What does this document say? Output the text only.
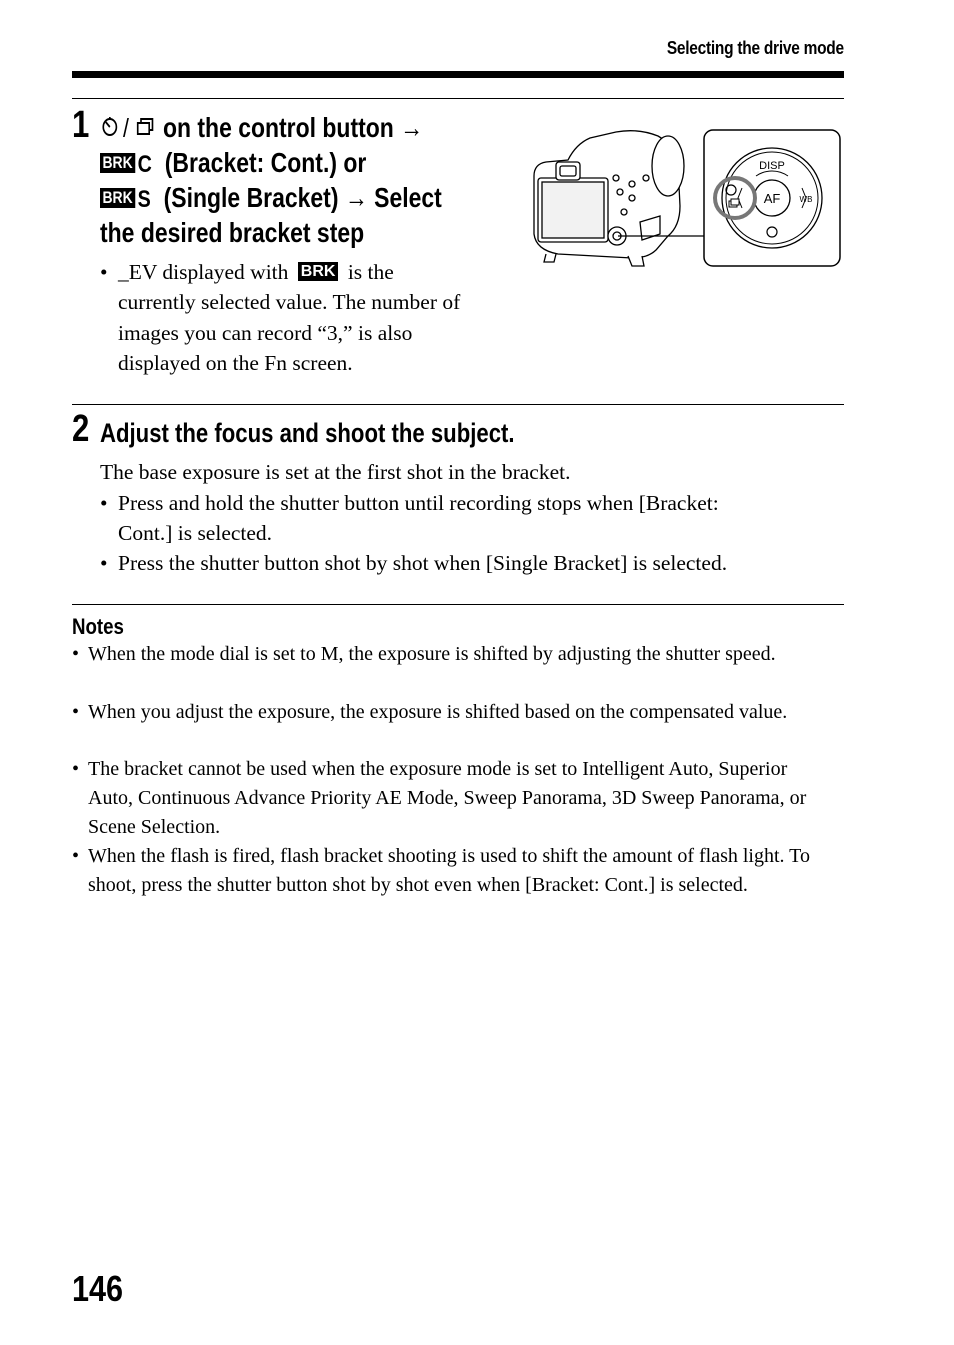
Selecting the drive mode
1	/ on the control button →
BRK C (Bracket: Cont.) or
BRK S (Single Bracket) → Select
the desired bracket step
• _EV displayed with BRK is the
currently selected value. The number of
images you can record “3,” is also
displayed on the Fn screen.
DISP
AF WB
2 Adjust the focus and shoot the subject.
The base exposure is set at the first shot in the bracket.
• Press and hold the shutter button until recording stops when [Bracket:
Cont.] is selected.
• Press the shutter button shot by shot when [Single Bracket] is selected.
Notes
• When the mode dial is set to M, the exposure is shifted by adjusting the shutter speed.
• When you adjust the exposure, the exposure is shifted based on the compensated value.
• The bracket cannot be used when the exposure mode is set to Intelligent Auto, Superior Auto, Continuous Advance Priority AE Mode, Sweep Panorama, 3D Sweep Panorama, or Scene Selection.
• When the flash is fired, flash bracket shooting is used to shift the amount of flash light. To shoot, press the shutter button shot by shot even when [Bracket: Cont.] is selected.
146
